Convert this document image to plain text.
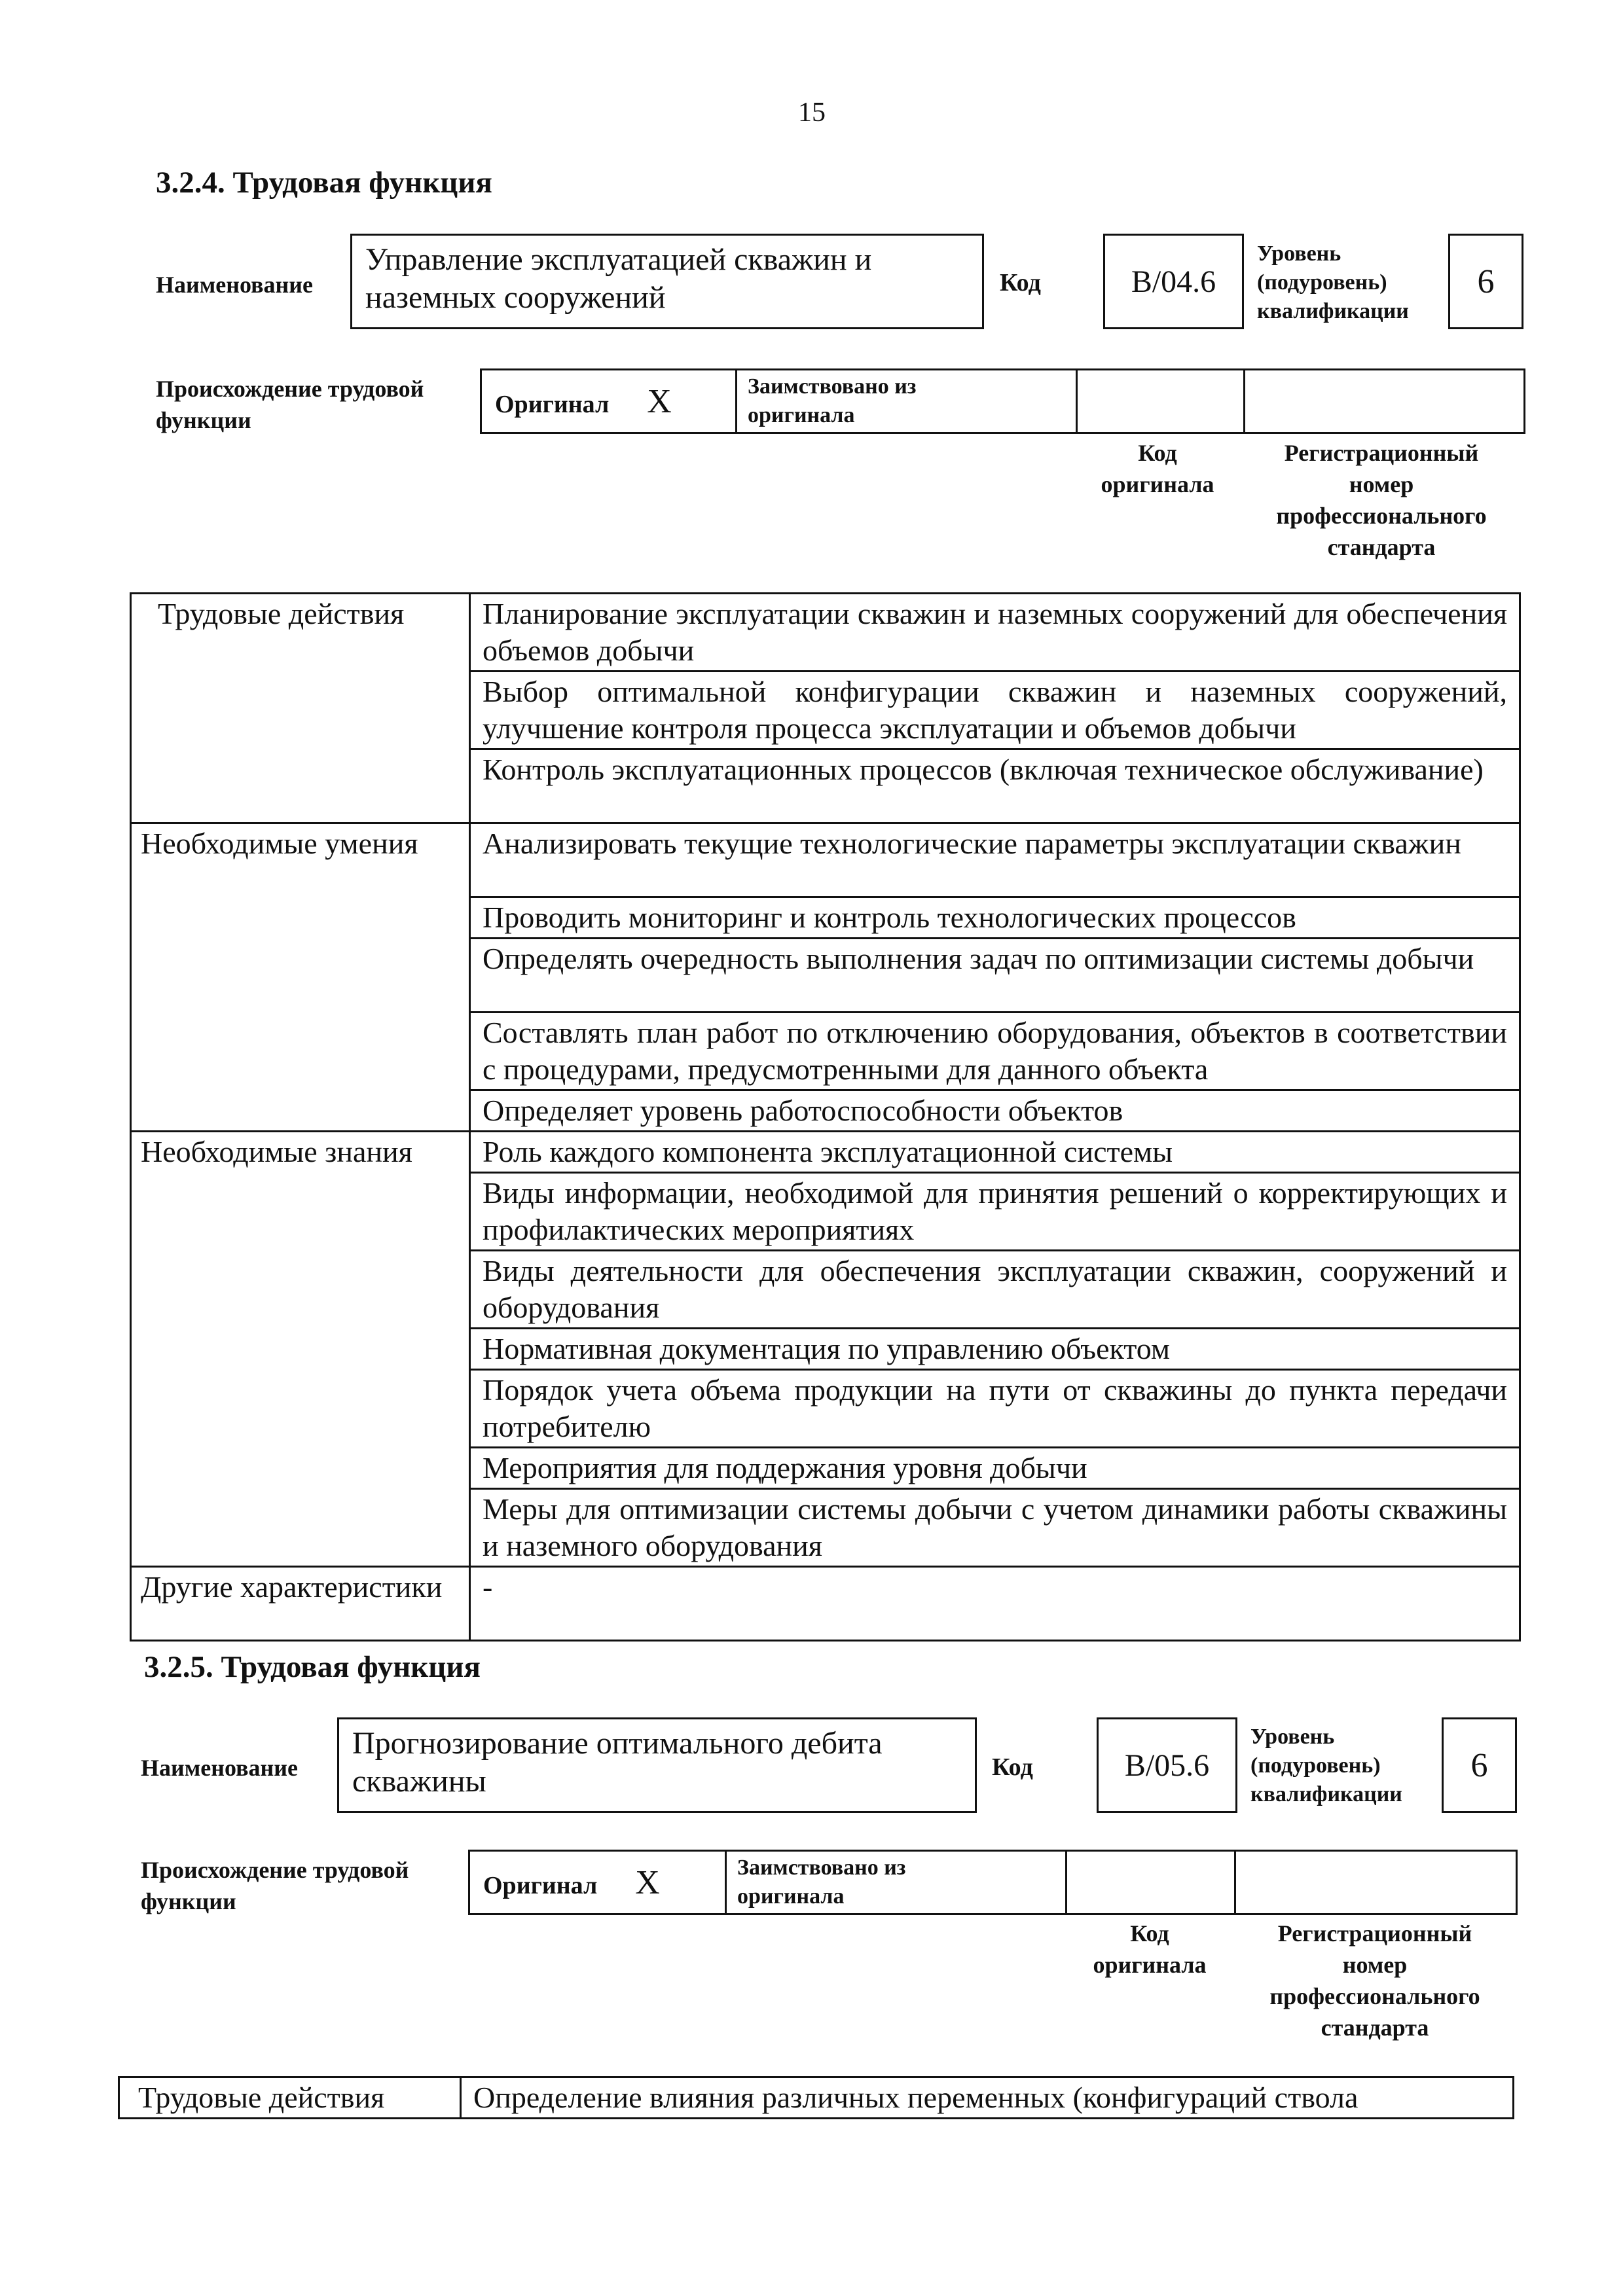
15
3.2.4. Трудовая функция
Наименование
Управление эксплуатацией скважин и наземных сооружений	Код	B/04.6
Уровень
(подуровень)
квалификации
6
Происхождение трудовой
функции
Оригинал X	Заимствовано из
оригинала

Код
оригинала
Регистрационный
номер
профессионального
стандарта
Трудовые действия	Планирование эксплуатации скважин и наземных сооружений для обеспечения объемов добычи
	Выбор оптимальной конфигурации скважин и наземных сооружений, улучшение контроля процесса эксплуатации и объемов добычи
	Контроль эксплуатационных процессов (включая техническое обслуживание)
Необходимые умения	Анализировать текущие технологические параметры эксплуатации скважин
	Проводить мониторинг и контроль технологических процессов
	Определять очередность выполнения задач по оптимизации системы добычи
	Составлять план работ по отключению оборудования, объектов в соответствии с процедурами, предусмотренными для данного объекта
	Определяет уровень работоспособности объектов
Необходимые знания	Роль каждого компонента эксплуатационной системы
	Виды информации, необходимой для принятия решений о корректирующих и профилактических мероприятиях
	Виды деятельности для обеспечения эксплуатации скважин, сооружений и оборудования
	Нормативная документация по управлению объектом
	Порядок учета объема продукции на пути от скважины до пункта передачи потребителю
	Мероприятия для поддержания уровня добычи
	Меры для оптимизации системы добычи с учетом динамики работы скважины и наземного оборудования
Другие характеристики	-
3.2.5. Трудовая функция
Наименование
Прогнозирование оптимального дебита скважины	Код	B/05.6
Уровень
(подуровень)
квалификации
6
Происхождение трудовой
функции
Оригинал X	Заимствовано из
оригинала

Код
оригинала
Регистрационный
номер
профессионального
стандарта
Трудовые действия	Определение влияния различных переменных (конфигураций ствола
